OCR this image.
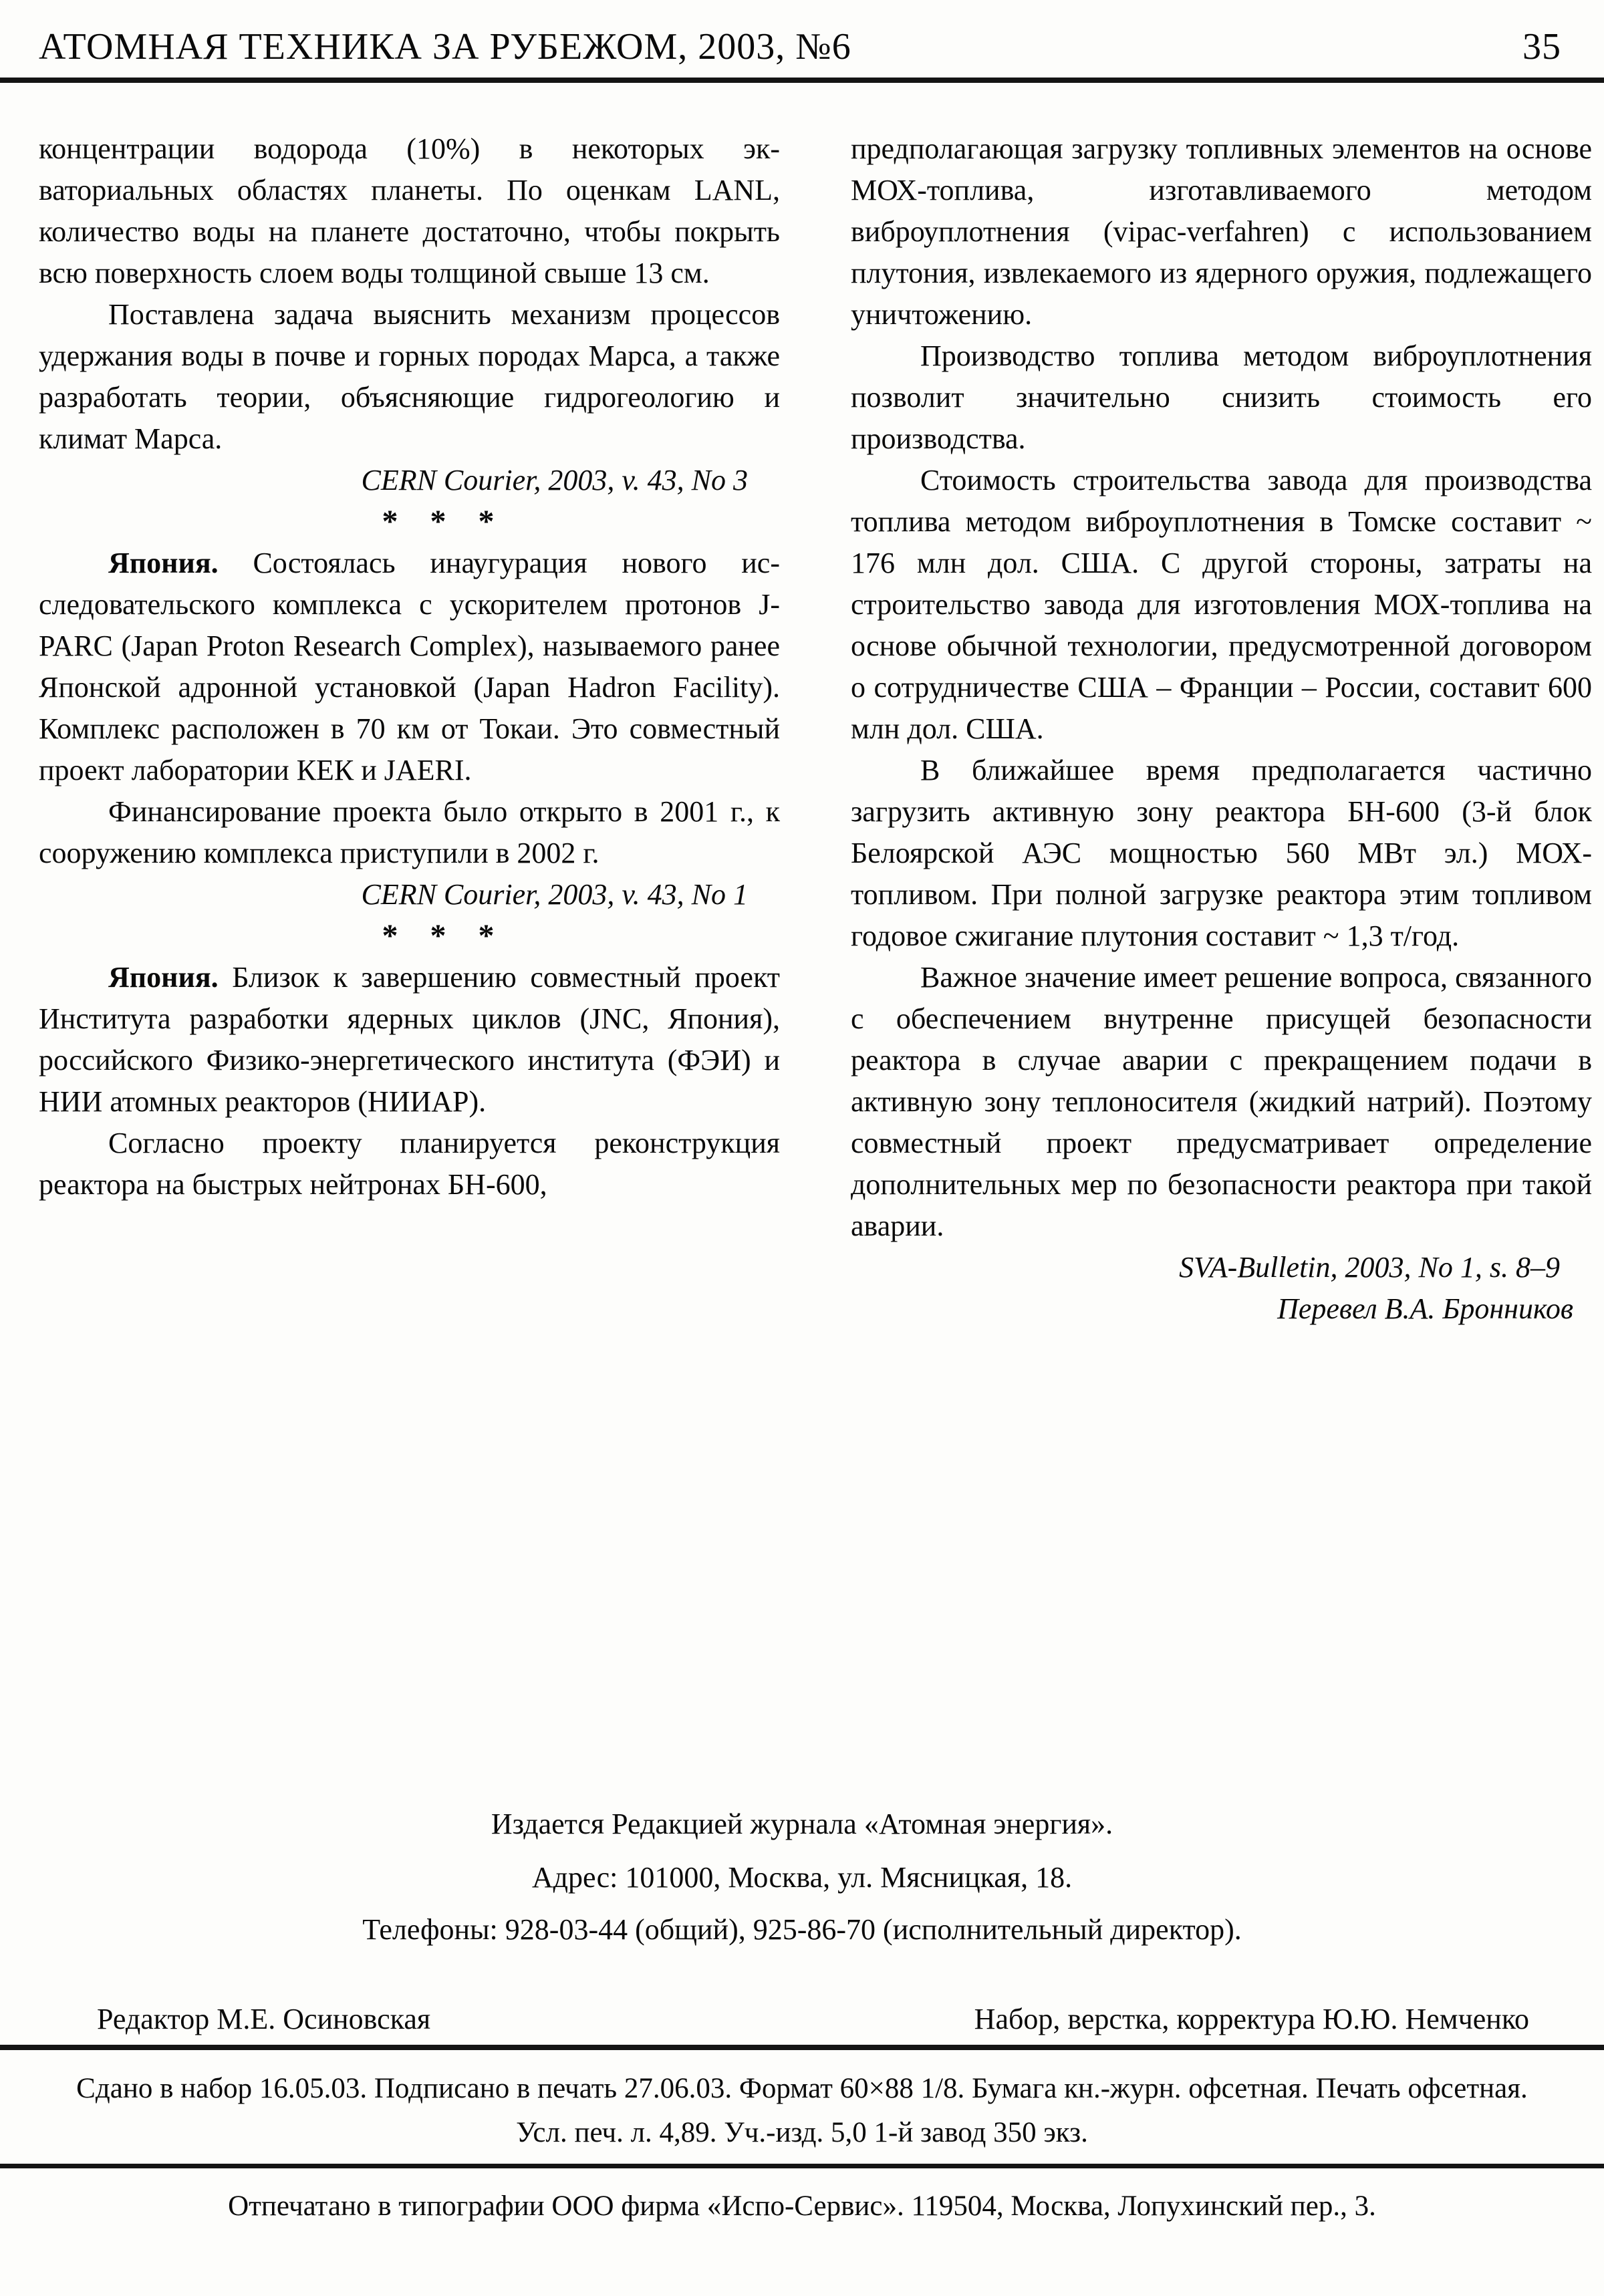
АТОМНАЯ ТЕХНИКА ЗА РУБЕЖОМ, 2003, №6	35

концентрации водорода (10%) в некоторых экваториальных областях планеты. По оценкам LANL, количество воды на планете достаточно, чтобы покрыть всю поверхность слоем воды толщиной свыше 13 см.

Поставлена задача выяснить механизм процессов удержания воды в почве и горных породах Марса, а также разработать теории, объясняющие гидрогеологию и климат Марса.

CERN Courier, 2003, v. 43, No 3

* * *

Япония. Состоялась инаугурация нового исследовательского комплекса с ускорителем протонов J-PARC (Japan Proton Research Complex), называемого ранее Японской адронной установкой (Japan Hadron Facility). Комплекс расположен в 70 км от Токаи. Это совместный проект лаборатории КЕК и JAERI.

Финансирование проекта было открыто в 2001 г., к сооружению комплекса приступили в 2002 г.

CERN Courier, 2003, v. 43, No 1

* * *

Япония. Близок к завершению совместный проект Института разработки ядерных циклов (JNC, Япония), российского Физико-энергетического института (ФЭИ) и НИИ атомных реакторов (НИИАР).

Согласно проекту планируется реконструкция реактора на быстрых нейтронах БН-600,

предполагающая загрузку топливных элементов на основе МОХ-топлива, изготавливаемого методом виброуплотнения (vipac-verfahren) с использованием плутония, извлекаемого из ядерного оружия, подлежащего уничтожению.

Производство топлива методом виброуплотнения позволит значительно снизить стоимость его производства.

Стоимость строительства завода для производства топлива методом виброуплотнения в Томске составит ~ 176 млн дол. США. С другой стороны, затраты на строительство завода для изготовления МОХ-топлива на основе обычной технологии, предусмотренной договором о сотрудничестве США – Франции – России, составит 600 млн дол. США.

В ближайшее время предполагается частично загрузить активную зону реактора БН-600 (3-й блок Белоярской АЭС мощностью 560 МВт эл.) МОХ-топливом. При полной загрузке реактора этим топливом годовое сжигание плутония составит ~ 1,3 т/год.

Важное значение имеет решение вопроса, связанного с обеспечением внутренне присущей безопасности реактора в случае аварии с прекращением подачи в активную зону теплоносителя (жидкий натрий). Поэтому совместный проект предусматривает определение дополнительных мер по безопасности реактора при такой аварии.

SVA-Bulletin, 2003, No 1, s. 8–9

Перевел В.А. Бронников

Издается Редакцией журнала «Атомная энергия».
Адрес: 101000, Москва, ул. Мясницкая, 18.
Телефоны: 928-03-44 (общий), 925-86-70 (исполнительный директор).
Редактор М.Е. Осиновская	Набор, верстка, корректура Ю.Ю. Немченко
Сдано в набор 16.05.03. Подписано в печать 27.06.03. Формат 60×88 1/8. Бумага кн.-журн. офсетная. Печать офсетная.
Усл. печ. л. 4,89. Уч.-изд. 5,0 1-й завод 350 экз.
Отпечатано в типографии ООО фирма «Испо-Сервис». 119504, Москва, Лопухинский пер., 3.
